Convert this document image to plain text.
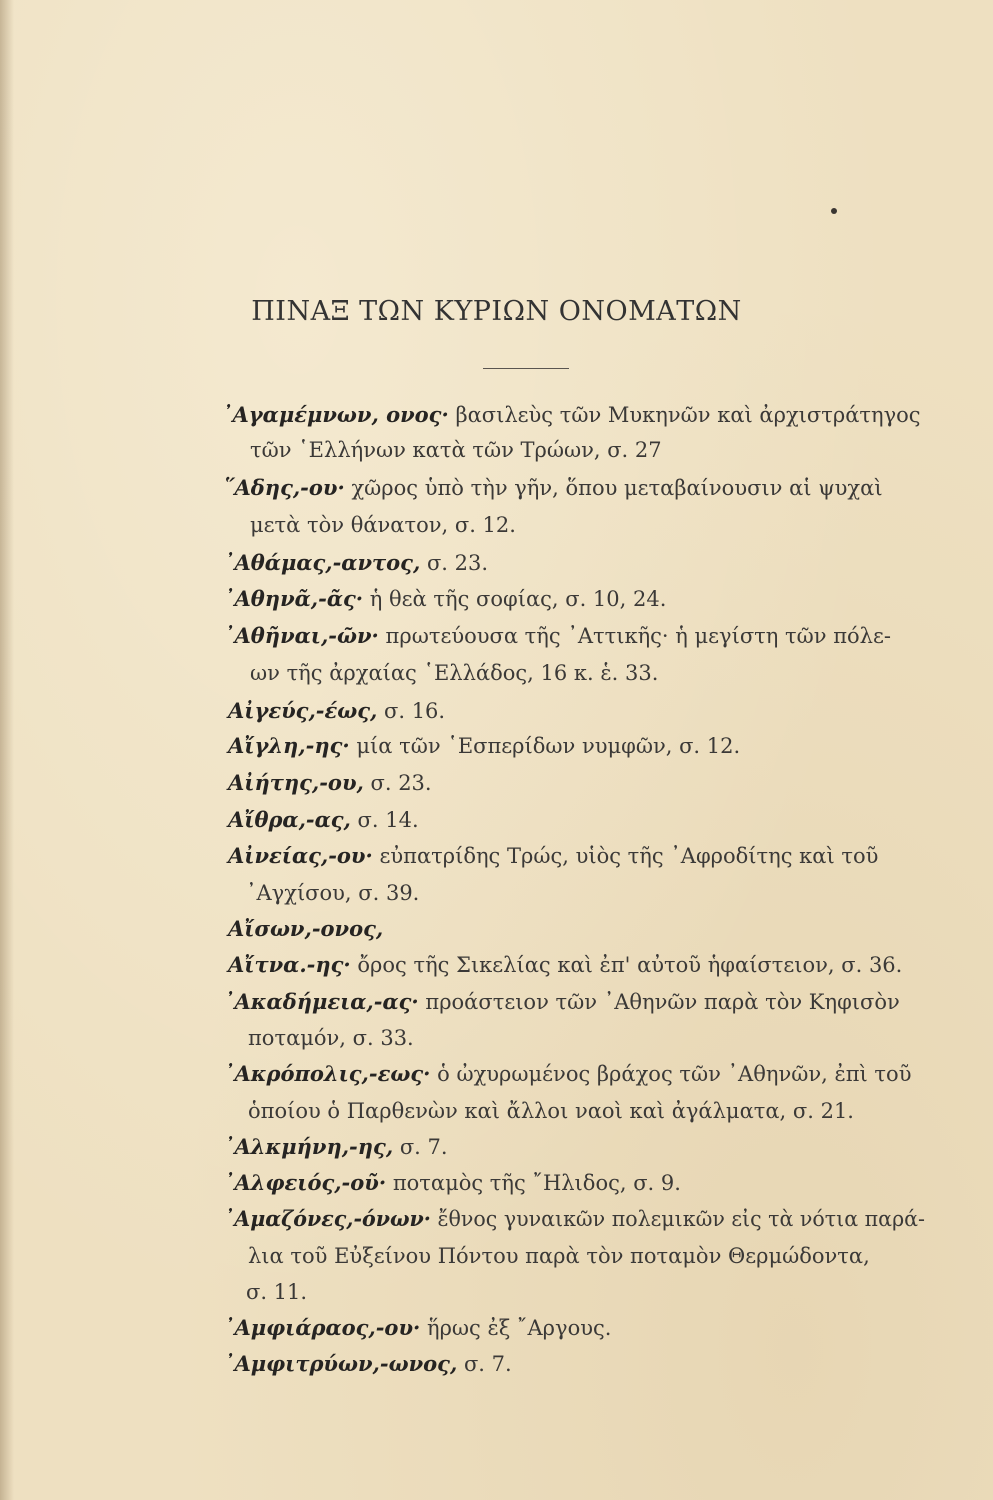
ΠΙΝΑΞ ΤΩΝ ΚΥΡΙΩΝ ΟΝΟΜΑΤΩΝ
᾿Αγαμέμνων, ονος· βασιλεὺς τῶν Μυκηνῶν καὶ ἀρχιστράτηγος
τῶν ῾Ελλήνων κατὰ τῶν Τρώων, σ. 27
῞Αδης,-ου· χῶρος ὑπὸ τὴν γῆν, ὅπου μεταβαίνουσιν αἱ ψυχαὶ
μετὰ τὸν θάνατον, σ. 12.
᾿Αθάμας,-αντος, σ. 23.
᾿Αθηνᾶ,-ᾶς· ἡ θεὰ τῆς σοφίας, σ. 10, 24.
᾿Αθῆναι,-ῶν· πρωτεύουσα τῆς ᾿Αττικῆς· ἡ μεγίστη τῶν πόλε-
ων τῆς ἀρχαίας ῾Ελλάδος, 16 κ. ἑ. 33.
Αἰγεύς,-έως, σ. 16.
Αἴγλη,-ης· μία τῶν ῾Εσπερίδων νυμφῶν, σ. 12.
Αἰήτης,-ου, σ. 23.
Αἴθρα,-ας, σ. 14.
Αἰνείας,-ου· εὐπατρίδης Τρώς, υἱὸς τῆς ᾿Αφροδίτης καὶ τοῦ
᾿Αγχίσου, σ. 39.
Αἴσων,-ονος,
Αἴτνα.-ης· ὄρος τῆς Σικελίας καὶ ἐπ' αὐτοῦ ἡφαίστειον, σ. 36.
᾿Ακαδήμεια,-ας· προάστειον τῶν ᾿Αθηνῶν παρὰ τὸν Κηφισὸν
ποταμόν, σ. 33.
᾿Ακρόπολις,-εως· ὁ ὠχυρωμένος βράχος τῶν ᾿Αθηνῶν, ἐπὶ τοῦ
ὁποίου ὁ Παρθενὼν καὶ ἄλλοι ναοὶ καὶ ἀγάλματα, σ. 21.
᾿Αλκμήνη,-ης, σ. 7.
᾿Αλφειός,-οῦ· ποταμὸς τῆς ῎Ηλιδος, σ. 9.
᾿Αμαζόνες,-όνων· ἔθνος γυναικῶν πολεμικῶν εἰς τὰ νότια παρά-
λια τοῦ Εὐξείνου Πόντου παρὰ τὸν ποταμὸν Θερμώδοντα,
σ. 11.
᾿Αμφιάραος,-ου· ἥρως ἐξ ῎Αργους.
᾿Αμφιτρύων,-ωνος, σ. 7.
